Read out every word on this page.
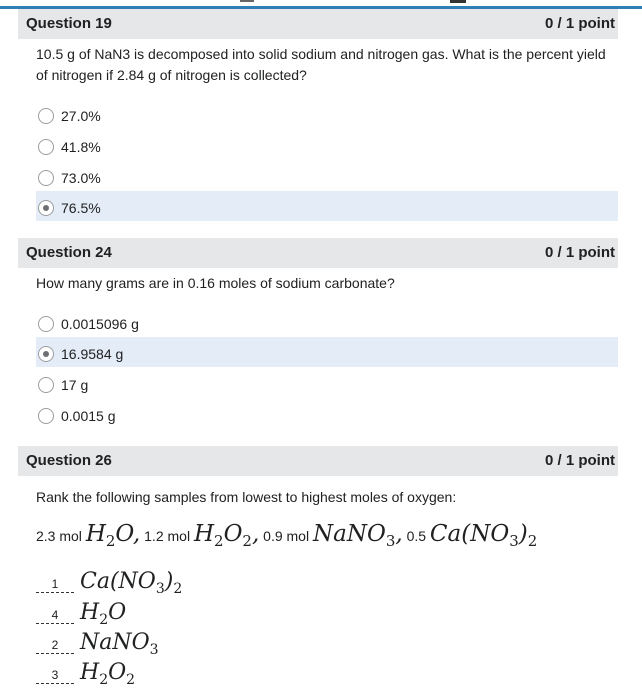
Question 19	0 / 1 point
10.5 g of NaN3 is decomposed into solid sodium and nitrogen gas. What is the percent yield of nitrogen if 2.84 g of nitrogen is collected?
27.0%
41.8%
73.0%
76.5%
Question 24	0 / 1 point
How many grams are in 0.16 moles of sodium carbonate?
0.0015096 g
16.9584 g
17 g
0.0015 g
Question 26	0 / 1 point
Rank the following samples from lowest to highest moles of oxygen:
2.3 mol $H_2O$, 1.2 mol $H_2O_2$, 0.9 mol NaNO$_3$, 0.5 $Ca(NO_3)_2$
1 $Ca(NO_3)_2$
4 $H_2O$
2 NaNO$_3$
3 $H_2O_2$
